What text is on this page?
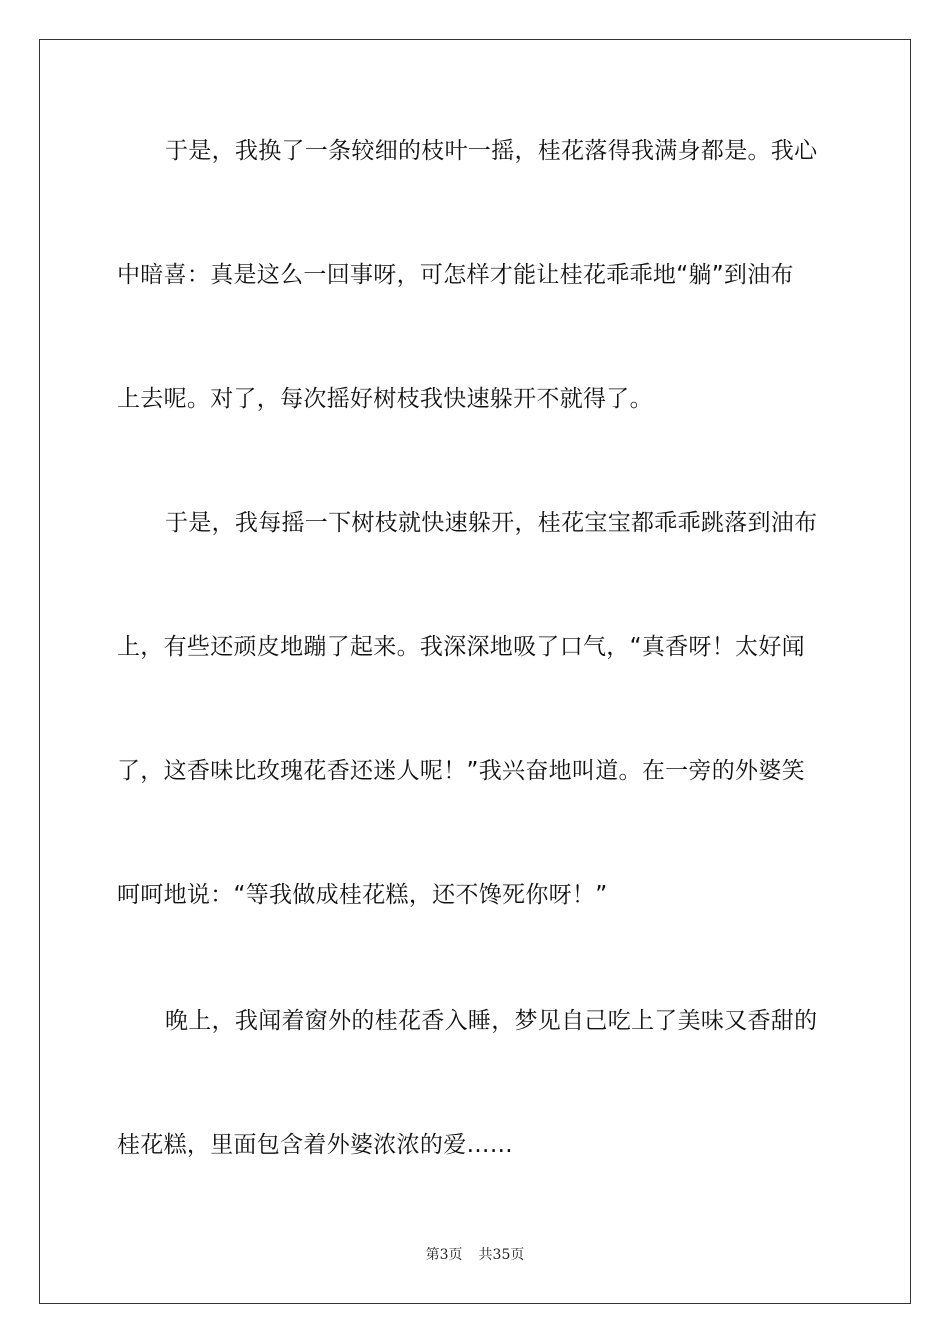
于是，我换了一条较细的枝叶一摇，桂花落得我满身都是。我心
中暗喜：真是这么一回事呀，可怎样才能让桂花乖乖地“躺”到油布
上去呢。对了，每次摇好树枝我快速躲开不就得了。
于是，我每摇一下树枝就快速躲开，桂花宝宝都乖乖跳落到油布
上，有些还顽皮地蹦了起来。我深深地吸了口气，“真香呀！太好闻
了，这香味比玫瑰花香还迷人呢！”我兴奋地叫道。在一旁的外婆笑
呵呵地说：“等我做成桂花糕，还不馋死你呀！”
晚上，我闻着窗外的桂花香入睡，梦见自己吃上了美味又香甜的
桂花糕，里面包含着外婆浓浓的爱……
第3页 共35页
